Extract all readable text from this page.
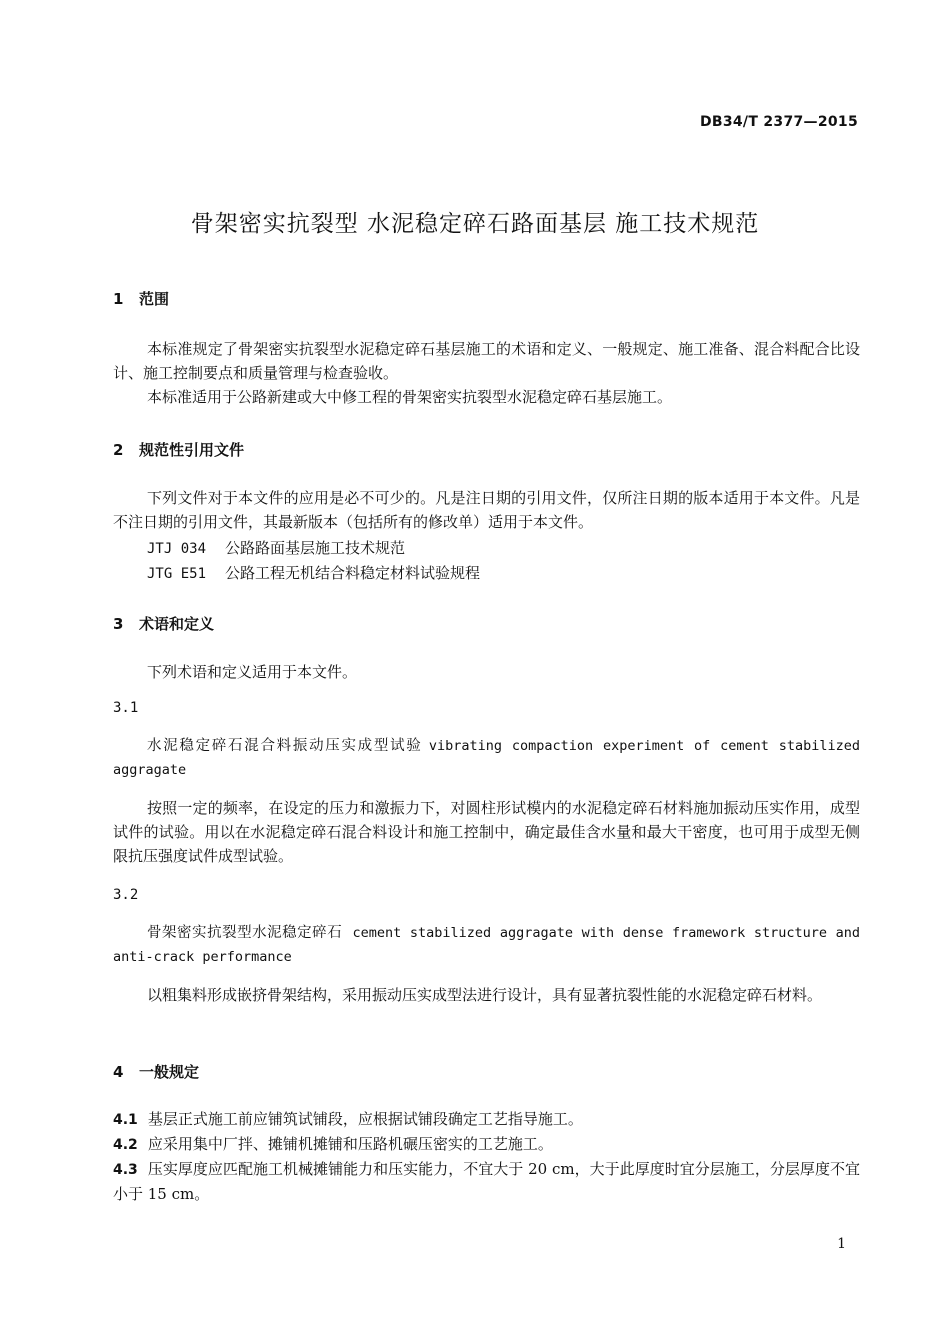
DB34/T 2377—2015
骨架密实抗裂型 水泥稳定碎石路面基层 施工技术规范
1 范围
本标准规定了骨架密实抗裂型水泥稳定碎石基层施工的术语和定义、一般规定、施工准备、混合料配合比设计、施工控制要点和质量管理与检查验收。
本标准适用于公路新建或大中修工程的骨架密实抗裂型水泥稳定碎石基层施工。
2 规范性引用文件
下列文件对于本文件的应用是必不可少的。凡是注日期的引用文件，仅所注日期的版本适用于本文件。凡是不注日期的引用文件，其最新版本（包括所有的修改单）适用于本文件。
JTJ 034 公路路面基层施工技术规范
JTG E51 公路工程无机结合料稳定材料试验规程
3 术语和定义
下列术语和定义适用于本文件。
3.1
水泥稳定碎石混合料振动压实成型试验 vibrating compaction experiment of cement stabilized aggragate
按照一定的频率，在设定的压力和激振力下，对圆柱形试模内的水泥稳定碎石材料施加振动压实作用，成型试件的试验。用以在水泥稳定碎石混合料设计和施工控制中，确定最佳含水量和最大干密度，也可用于成型无侧限抗压强度试件成型试验。
3.2
骨架密实抗裂型水泥稳定碎石 cement stabilized aggragate with dense framework structure and anti-crack performance
以粗集料形成嵌挤骨架结构，采用振动压实成型法进行设计，具有显著抗裂性能的水泥稳定碎石材料。
4 一般规定
4.1 基层正式施工前应铺筑试铺段，应根据试铺段确定工艺指导施工。
4.2 应采用集中厂拌、摊铺机摊铺和压路机碾压密实的工艺施工。
4.3 压实厚度应匹配施工机械摊铺能力和压实能力，不宜大于 20 cm，大于此厚度时宜分层施工，分层厚度不宜小于 15 cm。
1
